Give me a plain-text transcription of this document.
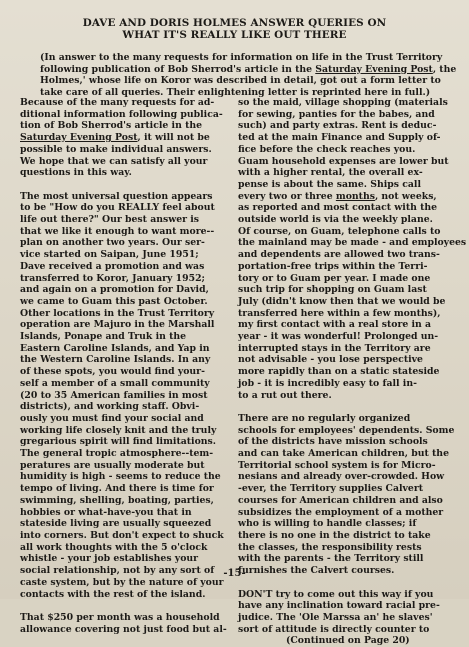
DAVE AND DORIS HOLMES ANSWER QUERIES ON
WHAT IT'S REALLY LIKE OUT THERE
(In answer to the many requests for information on life in the Trust Territory
following publication of Bob Sherrod's article in the Saturday Evening Post, the
Holmes,' whose life on Koror was described in detail, got out a form letter to
take care of all queries. Their enlightening letter is reprinted here in full.)
Because of the many requests for ad-
ditional information following publica-
tion of Bob Sherrod's article in the
Saturday Evening Post, it will not be
possible to make individual answers.
We hope that we can satisfy all your
questions in this way.
The most universal question appears
to be "How do you REALLY feel about
life out there?" Our best answer is
that we like it enough to want more--
plan on another two years. Our ser-
vice started on Saipan, June 1951;
Dave received a promotion and was
transferred to Koror, January 1952;
and again on a promotion for David,
we came to Guam this past October.
Other locations in the Trust Territory
operation are Majuro in the Marshall
Islands, Ponape and Truk in the
Eastern Caroline Islands, and Yap in
the Western Caroline Islands. In any
of these spots, you would find your-
self a member of a small community
(20 to 35 American families in most
districts), and working staff. Obvi-
ously you must find your social and
working life closely knit and the truly
gregarious spirit will find limitations.
The general tropic atmosphere--tem-
peratures are usually moderate but
humidity is high - seems to reduce the
tempo of living. And there is time for
swimming, shelling, boating, parties,
hobbies or what-have-you that in
stateside living are usually squeezed
into corners. But don't expect to shuck
all work thoughts with the 5 o'clock
whistle - your job establishes your
social relationship, not by any sort of
caste system, but by the nature of your
contacts with the rest of the island.
That $250 per month was a household
allowance covering not just food but al-
so the maid, village shopping (materials
for sewing, panties for the babes, and
such) and party extras. Rent is deduc-
ted at the main Finance and Supply of-
fice before the check reaches you.
Guam household expenses are lower but
with a higher rental, the overall ex-
pense is about the same. Ships call
every two or three months, not weeks,
as reported and most contact with the
outside world is via the weekly plane.
Of course, on Guam, telephone calls to
the mainland may be made - and employees
and dependents are allowed two trans-
portation-free trips within the Terri-
tory or to Guam per year. I made one
such trip for shopping on Guam last
July (didn't know then that we would be
transferred here within a few months),
my first contact with a real store in a
year - it was wonderful! Prolonged un-
interrupted stays in the Territory are
not advisable - you lose perspective
more rapidly than on a static stateside
job - it is incredibly easy to fall in-
to a rut out there.
There are no regularly organized
schools for employees' dependents. Some
of the districts have mission schools
and can take American children, but the
Territorial school system is for Micro-
nesians and already over-crowded. How
-ever, the Territory supplies Calvert
courses for American children and also
subsidizes the employment of a mother
who is willing to handle classes; if
there is no one in the district to take
the classes, the responsibility rests
with the parents - the Territory still
furnishes the Calvert courses.
DON'T try to come out this way if you
have any inclination toward racial pre-
judice. The 'Ole Marssa an' he slaves'
sort of attitude is directly counter to
(Continued on Page 20)
-15-
